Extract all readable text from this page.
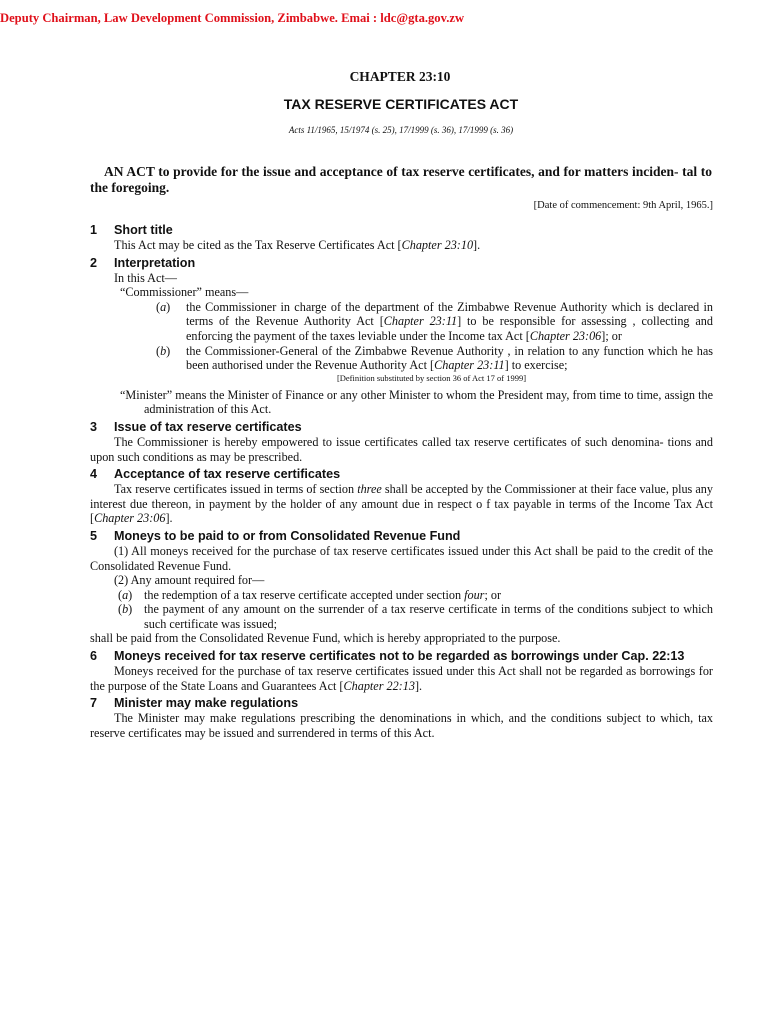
Deputy Chairman, Law Development Commission, Zimbabwe. Emai : ldc@gta.gov.zw
CHAPTER 23:10
TAX RESERVE CERTIFICATES ACT
Acts 11/1965, 15/1974 (s. 25), 17/1999 (s. 36), 17/1999 (s. 36)
AN ACT to provide for the issue and acceptance of tax reserve certificates, and for matters inciden- tal to the foregoing.
[Date of commencement: 9th April, 1965.]
1	Short title

This Act may be cited as the Tax Reserve Certificates Act [Chapter 23:10].

2	Interpretation

In this Act—

“Commissioner” means—

(a)	the Commissioner in charge of the department of the Zimbabwe Revenue Authority which is declared in terms of the Revenue Authority Act [Chapter 23:11] to be responsible for assessing , collecting and enforcing the payment of the taxes leviable under the Income tax Act [Chapter 23:06]; or
(b)	the Commissioner-General of the Zimbabwe Revenue Authority , in relation to any function which he has been authorised under the Revenue Authority Act [Chapter 23:11] to exercise;
[Definition substituted by section 36 of Act 17 of 1999]

“Minister” means the Minister of Finance or any other Minister to whom the President may, from time to time, assign the administration of this Act.

3	Issue of tax reserve certificates

The Commissioner is hereby empowered to issue certificates called tax reserve certificates of such denomina- tions and upon such conditions as may be prescribed.

4	Acceptance of tax reserve certificates

Tax reserve certificates issued in terms of section three shall be accepted by the Commissioner at their face value, plus any interest due thereon, in payment by the holder of any amount due in respect o f tax payable in terms of the Income Tax Act [Chapter 23:06].

5	Moneys to be paid to or from Consolidated Revenue Fund

(1) All moneys received for the purchase of tax reserve certificates issued under this Act shall be paid to the credit of the Consolidated Revenue Fund.

(2) Any amount required for—

(a) the redemption of a tax reserve certificate accepted under section four; or
(b) the payment of any amount on the surrender of a tax reserve certificate in terms of the conditions subject to which such certificate was issued;

shall be paid from the Consolidated Revenue Fund, which is hereby appropriated to the purpose.

6 Moneys received for tax reserve certificates not to be regarded as borrowings under Cap. 22:13

Moneys received for the purchase of tax reserve certificates issued under this Act shall not be regarded as borrowings for the purpose of the State Loans and Guarantees Act [Chapter 22:13].

7	Minister may make regulations

The Minister may make regulations prescribing the denominations in which, and the conditions subject to which, tax reserve certificates may be issued and surrendered in terms of this Act.
